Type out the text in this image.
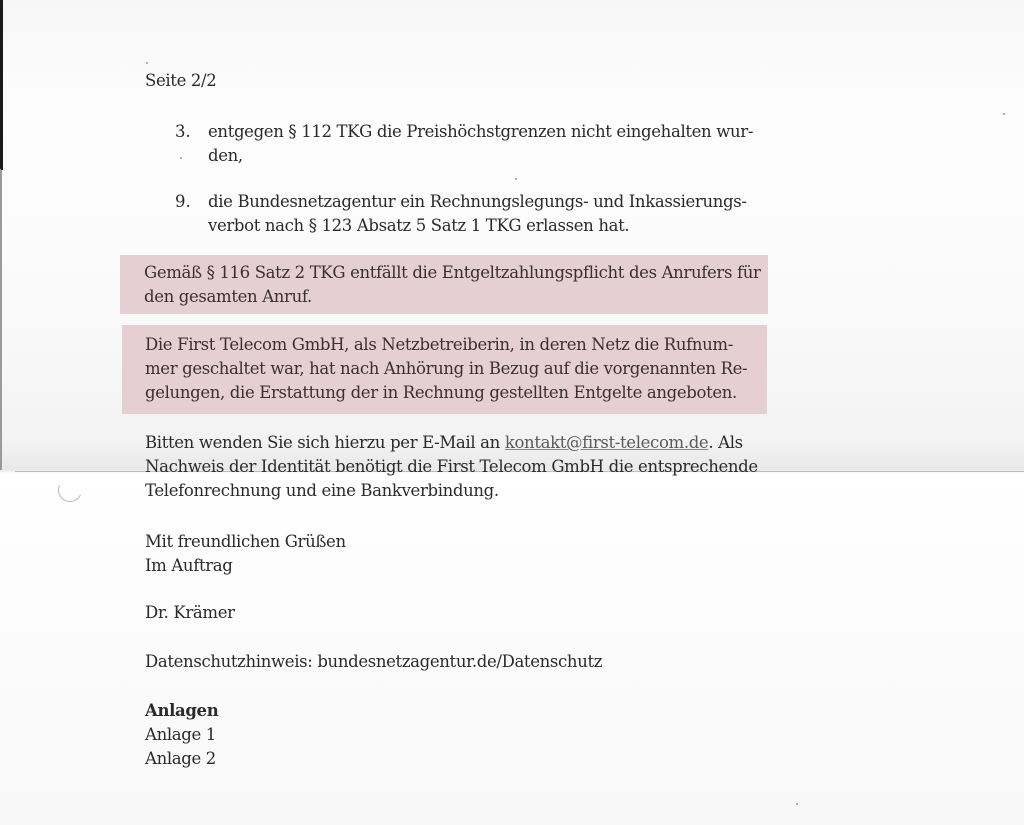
Seite 2/2
3. entgegen § 112 TKG die Preishöchstgrenzen nicht eingehalten wur-
den,
9. die Bundesnetzagentur ein Rechnungslegungs- und Inkassierungs-
verbot nach § 123 Absatz 5 Satz 1 TKG erlassen hat.
Gemäß § 116 Satz 2 TKG entfällt die Entgeltzahlungspflicht des Anrufers für
den gesamten Anruf.
Die First Telecom GmbH, als Netzbetreiberin, in deren Netz die Rufnum-
mer geschaltet war, hat nach Anhörung in Bezug auf die vorgenannten Re-
gelungen, die Erstattung der in Rechnung gestellten Entgelte angeboten.
Bitten wenden Sie sich hierzu per E-Mail an kontakt@first-telecom.de. Als
Nachweis der Identität benötigt die First Telecom GmbH die entsprechende
Telefonrechnung und eine Bankverbindung.
Mit freundlichen Grüßen
Im Auftrag
Dr. Krämer
Datenschutzhinweis: bundesnetzagentur.de/Datenschutz
Anlagen
Anlage 1
Anlage 2
